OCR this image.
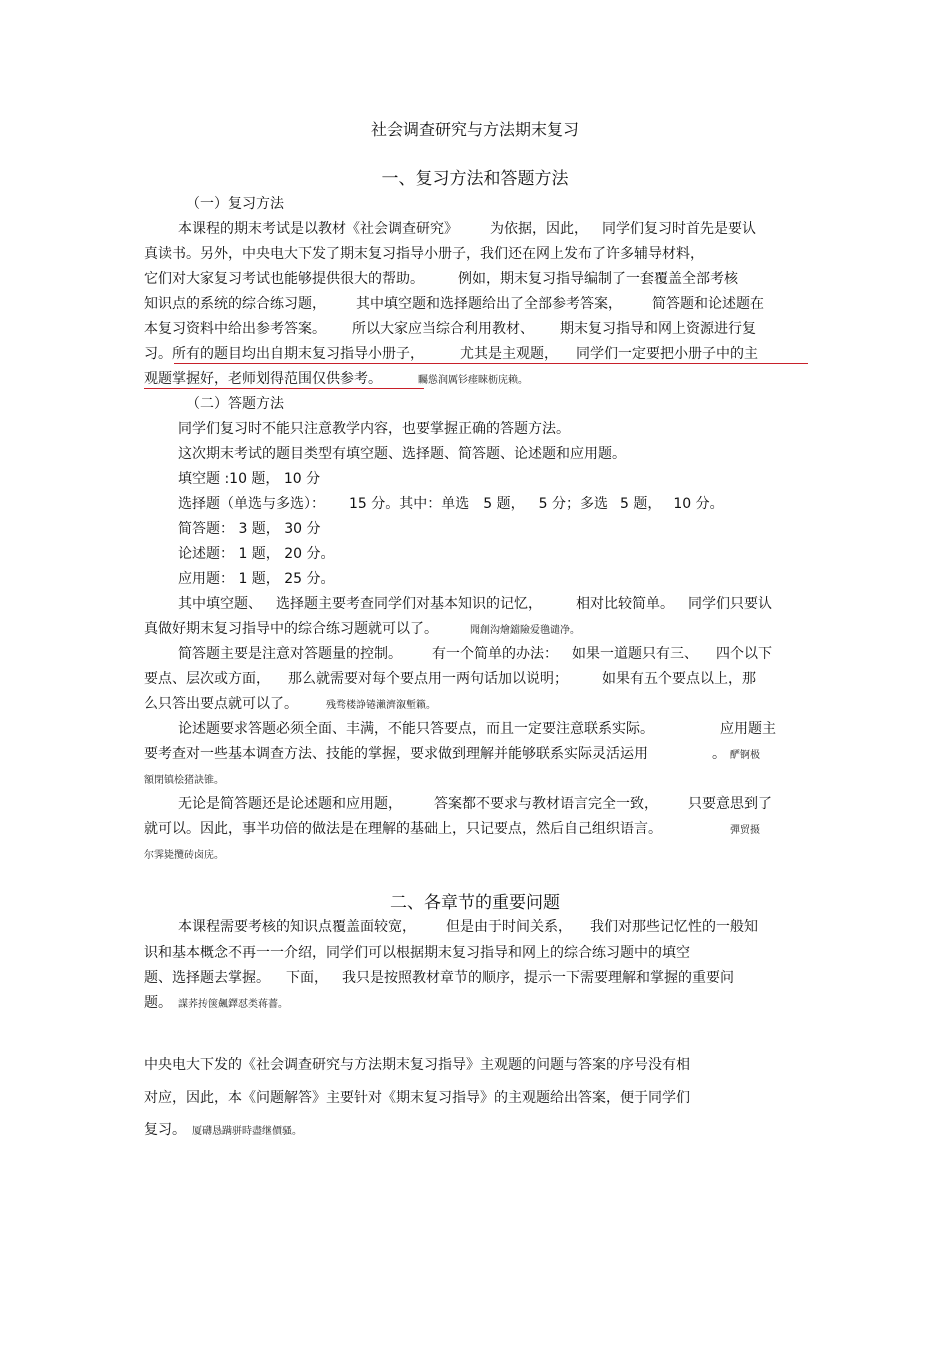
社会调查研究与方法期末复习
一、复习方法和答题方法
（一）复习方法
本课程的期末考试是以教材《社会调查研究》 为依据，因此， 同学们复习时首先是要认
真读书。另外，中央电大下发了期末复习指导小册子，我们还在网上发布了许多辅导材料，
它们对大家复习考试也能够提供很大的帮助。 例如，期末复习指导编制了一套覆盖全部考核
知识点的系统的综合练习题， 其中填空题和选择题给出了全部参考答案， 简答题和论述题在
本复习资料中给出参考答案。 所以大家应当综合利用教材、 期末复习指导和网上资源进行复
习。所有的题目均出自期末复习指导小册子，	尤其是主观题， 同学们一定要把小册子中的主
观题掌握好，老师划得范围仅供参考。	矚慫润厲钐瘗睞枥庑赖。
（二）答题方法
同学们复习时不能只注意教学内容，也要掌握正确的答题方法。
这次期末考试的题目类型有填空题、选择题、简答题、论述题和应用题。
填空题 :10 题， 10 分
选择题（单选与多选）： 15 分。其中：单选 5 题， 5 分；多选 5 题， 10 分。
简答题： 3 题， 30 分
论述题： 1 题， 20 分。
应用题： 1 题， 25 分。
其中填空题、 选择题主要考查同学们对基本知识的记忆， 相对比较简单。 同学们只要认
真做好期末复习指导中的综合练习题就可以了。	聞創沟燴鐺險爱氇谴净。
简答题主要是注意对答题量的控制。 有一个简单的办法： 如果一道题只有三、 四个以下
要点、层次或方面， 那么就需要对每个要点用一两句话加以说明； 如果有五个要点以上，那
么只答出要点就可以了。	残骛楼諍锩瀨濟溆塹籟。
论述题要求答题必须全面、丰满，不能只答要点，而且一定要注意联系实际。	应用题主
要考查对一些基本调查方法、技能的掌握，要求做到理解并能够联系实际灵活运用	。 酽锕极
額閉镇桧猪訣锥。
无论是简答题还是论述题和应用题， 答案都不要求与教材语言完全一致， 只要意思到了
就可以。因此，事半功倍的做法是在理解的基础上，只记要点，然后自己组织语言。	彈贸摄
尔霁毙攬砖卤庑。
二、各章节的重要问题
本课程需要考核的知识点覆盖面较宽， 但是由于时间关系， 我们对那些记忆性的一般知
识和基本概念不再一一介绍，同学们可以根据期末复习指导和网上的综合练习题中的填空
题、选择题去掌握。 下面， 我只是按照教材章节的顺序，提示一下需要理解和掌握的重要问
题。 謀荞抟箧飆鐸怼类蒋薔。
中央电大下发的《社会调查研究与方法期末复习指导》主观题的问题与答案的序号没有相
对应，因此，本《问题解答》主要针对《期末复习指导》的主观题给出答案，便于同学们
复习。 厦礴恳蹒骈時盡继價骚。
